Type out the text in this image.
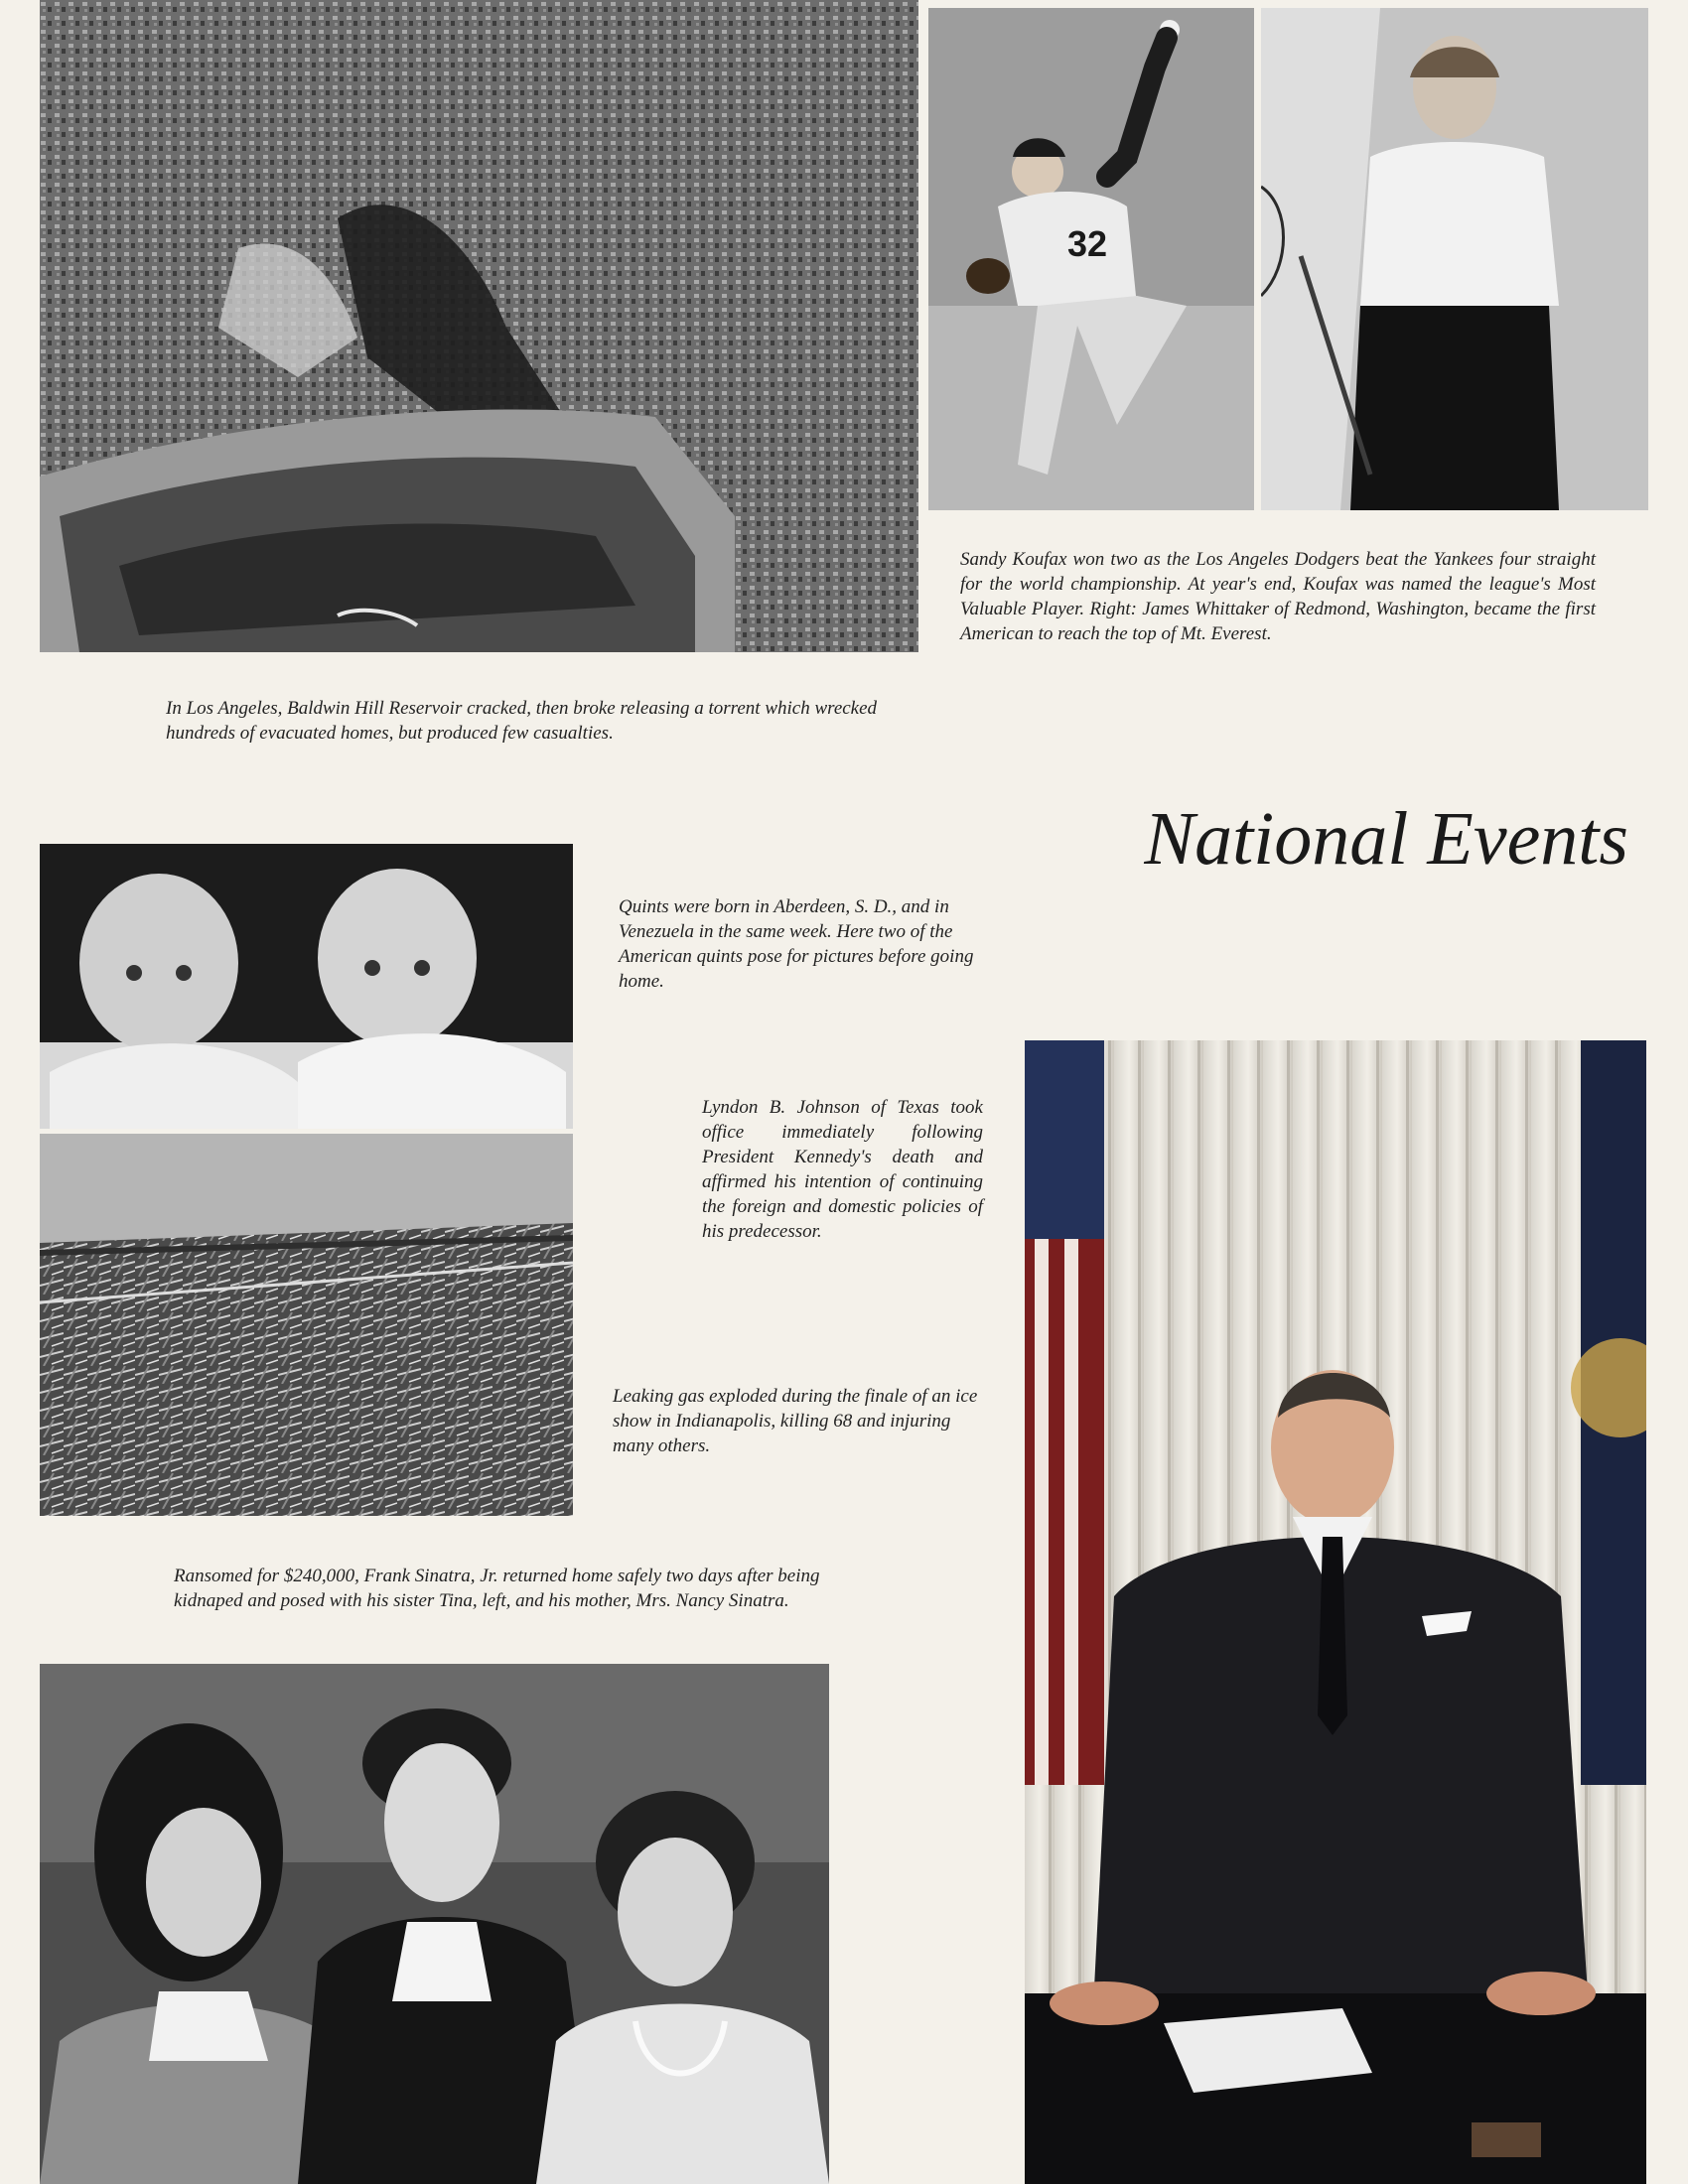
32

Sandy Koufax won two as the Los Angeles Dodgers beat the Yankees four straight for the world championship. At year's end, Koufax was named the league's Most Valuable Player. Right: James Whittaker of Redmond, Washington, became the first American to reach the top of Mt. Everest.

In Los Angeles, Baldwin Hill Reservoir cracked, then broke releasing a torrent which wrecked hundreds of evacuated homes, but produced few casualties.

National Events

Quints were born in Aberdeen, S. D., and in Venezuela in the same week. Here two of the American quints pose for pictures before going home.

Lyndon B. Johnson of Texas took office immediately following President Kennedy's death and affirmed his intention of continuing the foreign and domestic policies of his predecessor.

Leaking gas exploded during the finale of an ice show in Indianapolis, killing 68 and injuring many others.

Ransomed for $240,000, Frank Sinatra, Jr. returned home safely two days after being kidnaped and posed with his sister Tina, left, and his mother, Mrs. Nancy Sinatra.
